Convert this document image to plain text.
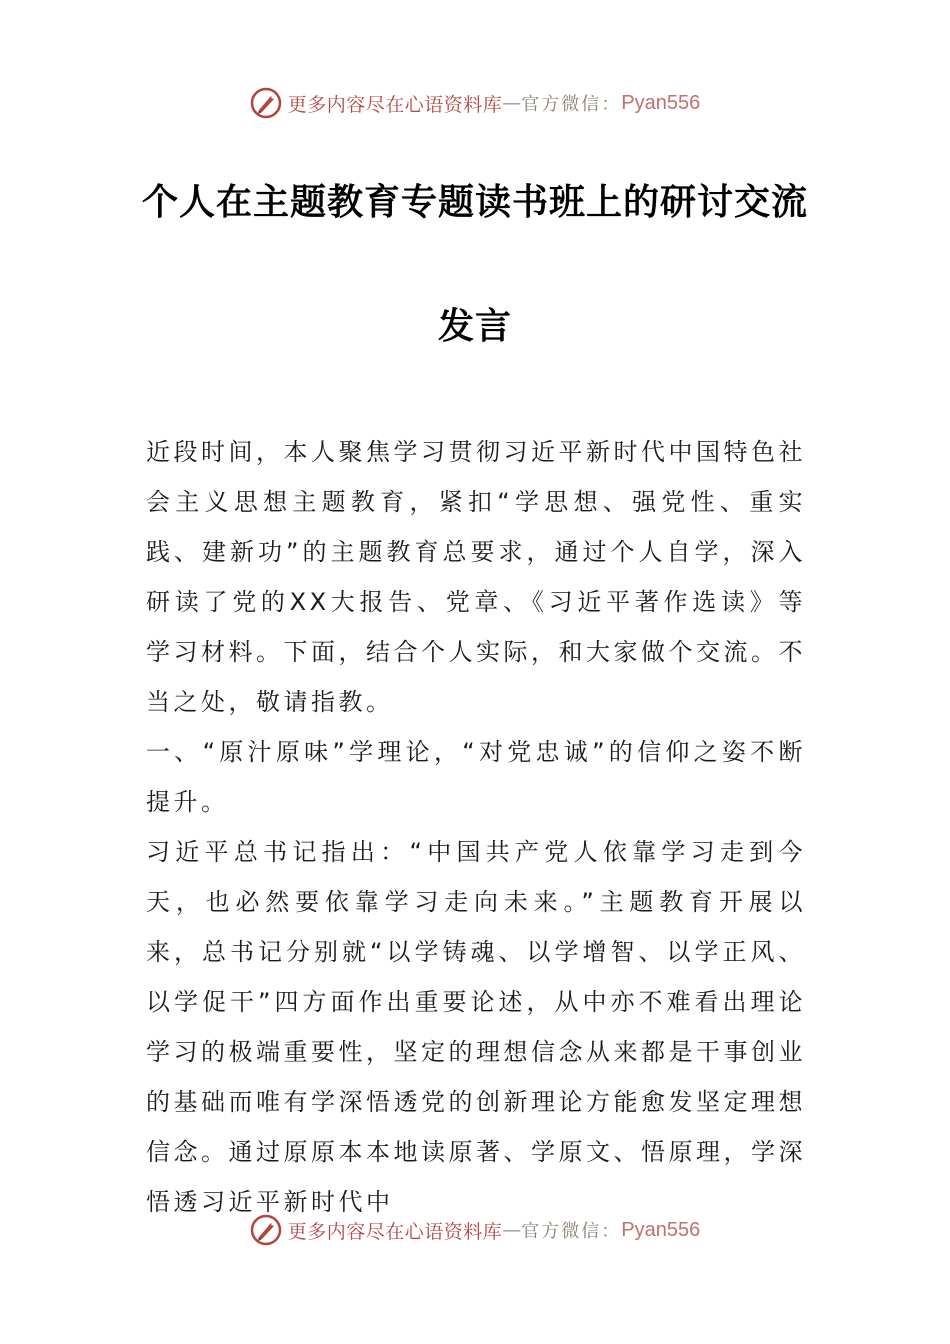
更多内容尽在心语资料库 — 官方微信： Pyan556
个人在主题教育专题读书班上的研讨交流
发言

近段时间，本人聚焦学习贯彻习近平新时代中国特色社会主义思想主题教育，紧扣“学思想、强党性、重实践、建新功”的主题教育总要求，通过个人自学，深入研读了党的XX大报告、党章、《习近平著作选读》等学习材料。下面，结合个人实际，和大家做个交流。不当之处，敬请指教。

一、“原汁原味”学理论，“对党忠诚”的信仰之姿不断提升。

习近平总书记指出：“中国共产党人依靠学习走到今天，也必然要依靠学习走向未来。”主题教育开展以来，总书记分别就“以学铸魂、以学增智、以学正风、以学促干”四方面作出重要论述，从中亦不难看出理论学习的极端重要性，坚定的理想信念从来都是干事创业的基础而唯有学深悟透党的创新理论方能愈发坚定理想信念。通过原原本本地读原著、学原文、悟原理，学深悟透习近平新时代中

更多内容尽在心语资料库 — 官方微信： Pyan556
